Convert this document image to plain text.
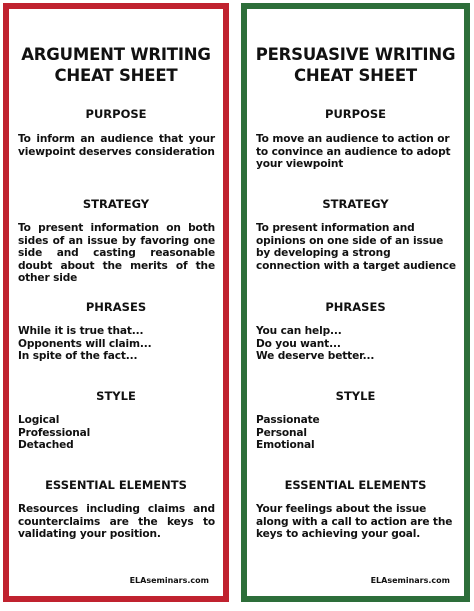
ARGUMENT WRITING
CHEAT SHEET
PURPOSE
To inform an audience that your viewpoint deserves consideration
STRATEGY
To present information on both sides of an issue by favoring one side and casting reasonable doubt about the merits of the other side
PHRASES
While it is true that...
Opponents will claim...
In spite of the fact...
STYLE
Logical
Professional
Detached
ESSENTIAL ELEMENTS
Resources including claims and counterclaims are the keys to validating your position.
ELAseminars.com
PERSUASIVE WRITING
CHEAT SHEET
PURPOSE
To move an audience to action or to convince an audience to adopt your viewpoint
STRATEGY
To present information and opinions on one side of an issue by developing a strong connection with a target audience
PHRASES
You can help...
Do you want...
We deserve better...
STYLE
Passionate
Personal
Emotional
ESSENTIAL ELEMENTS
Your feelings about the issue along with a call to action are the keys to achieving your goal.
ELAseminars.com
